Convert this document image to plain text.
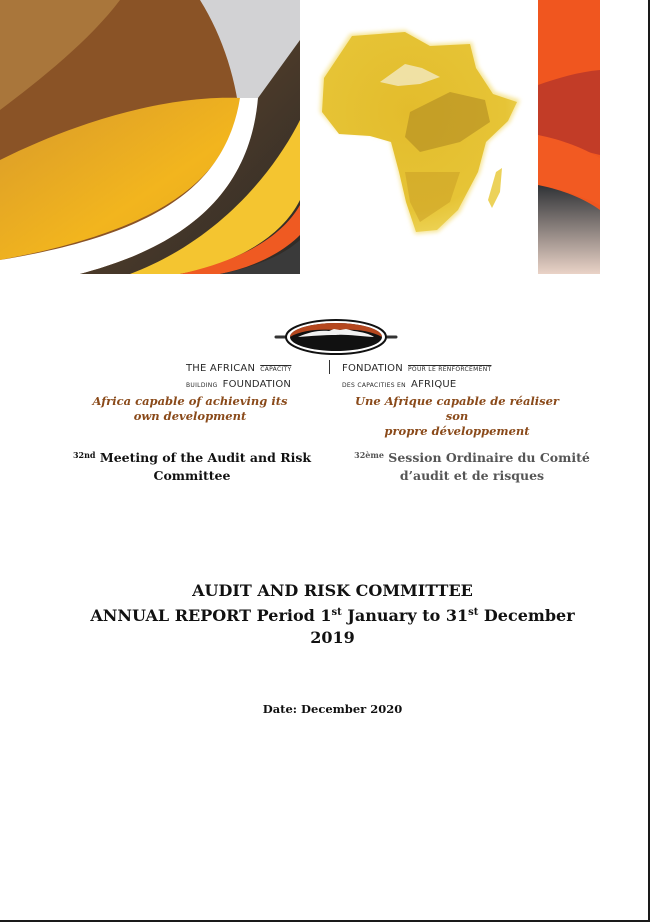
THE AFRICAN CAPACITY
BUILDING FOUNDATION
FONDATION POUR LE RENFORCEMENT
DES CAPACITIES EN AFRIQUE
Africa capable of achieving its
own development
Une Afrique capable de réaliser son
propre développement
$^{32nd}$ Meeting of the Audit and Risk
Committee
$^{32ème}$ Session Ordinaire du Comité
d’audit et de risques
AUDIT AND RISK COMMITTEE
ANNUAL REPORT Period 1st January to 31st December
2019
Date: December 2020
